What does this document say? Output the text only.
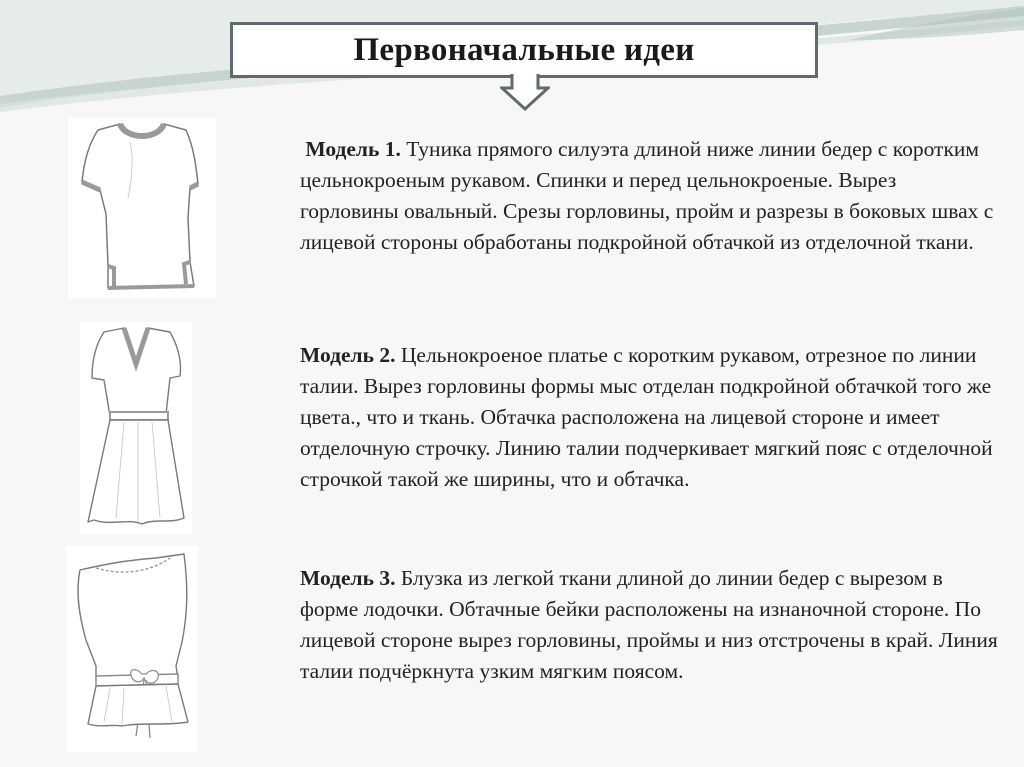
Первоначальные идеи
Модель 1. Туника прямого силуэта длиной ниже линии бедер с коротким цельнокроеным рукавом. Спинки и перед цельнокроеные. Вырез горловины овальный. Срезы горловины, пройм и разрезы в боковых швах с лицевой стороны обработаны подкройной обтачкой из отделочной ткани.
Модель 2. Цельнокроеное платье с коротким рукавом, отрезное по линии талии. Вырез горловины формы мыс отделан подкройной обтачкой того же цвета., что и ткань. Обтачка расположена на лицевой стороне и имеет отделочную строчку. Линию талии подчеркивает мягкий пояс с отделочной строчкой такой же ширины, что и обтачка.
Модель 3. Блузка из легкой ткани длиной до линии бедер с вырезом в форме лодочки. Обтачные бейки расположены на изнаночной стороне. По лицевой стороне вырез горловины, проймы и низ отстрочены в край. Линия талии подчёркнута узким мягким поясом.
